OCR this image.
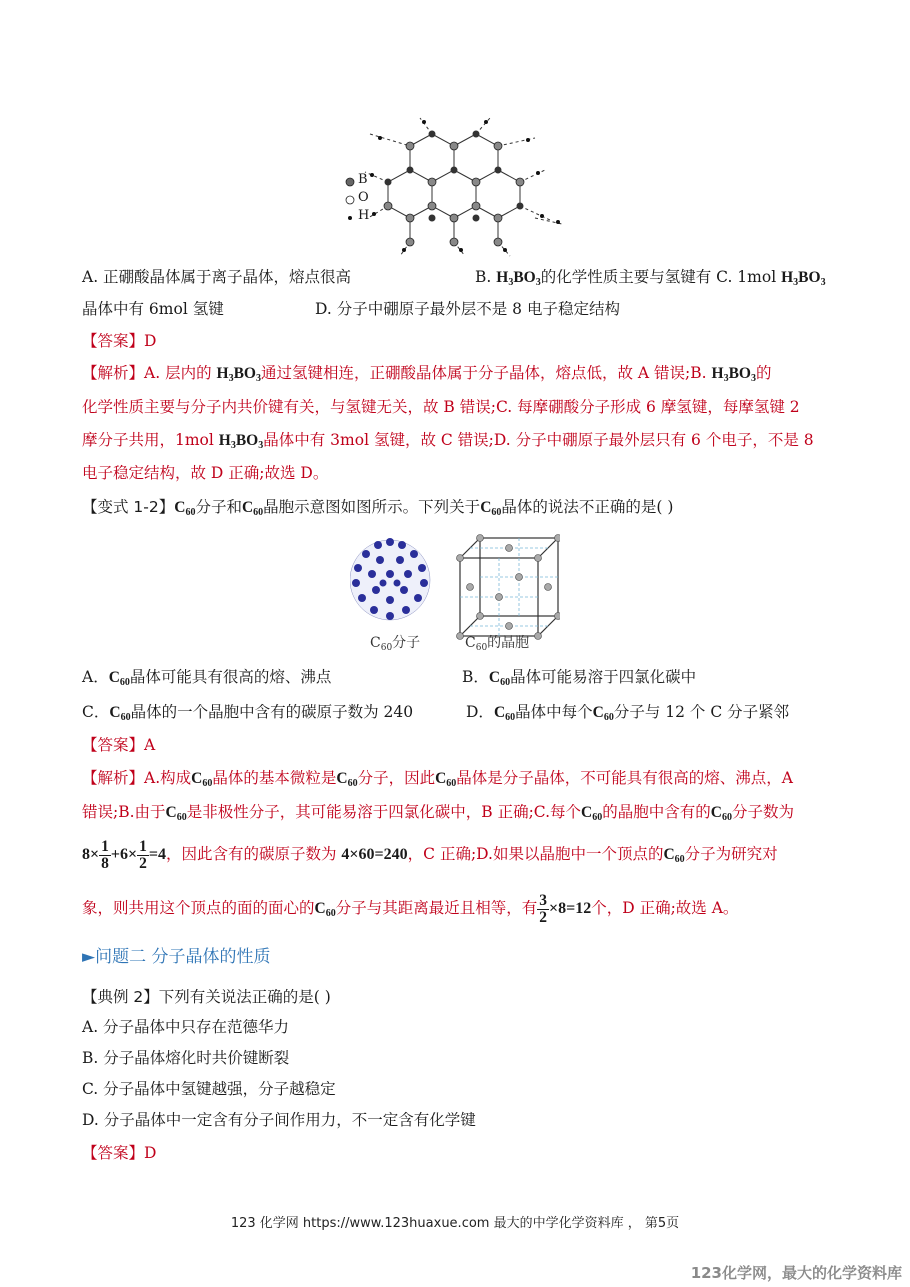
B
O
H
A. 正硼酸晶体属于离子晶体，熔点很高	B. $H_3BO_3$的化学性质主要与氢键有 C. 1mol $H_3BO_3$
晶体中有 6mol 氢键	D. 分子中硼原子最外层不是 8 电子稳定结构
【答案】D
【解析】A. 层内的 $H_3BO_3$通过氢键相连，正硼酸晶体属于分子晶体，熔点低，故 A 错误;B. $H_3BO_3$的
化学性质主要与分子内共价键有关，与氢键无关，故 B 错误;C. 每摩硼酸分子形成 6 摩氢键，每摩氢键 2
摩分子共用，1mol $H_3BO_3$晶体中有 3mol 氢键，故 C 错误;D. 分子中硼原子最外层只有 6 个电子，不是 8
电子稳定结构，故 D 正确;故选 D。
【变式 1-2】$C_{60}$分子和$C_{60}$晶胞示意图如图所示。下列关于$C_{60}$晶体的说法不正确的是( )
$C_{60}$分子	$C_{60}$的晶胞
A．$C_{60}$晶体可能具有很高的熔、沸点	B．$C_{60}$晶体可能易溶于四氯化碳中
C．$C_{60}$晶体的一个晶胞中含有的碳原子数为 240	D．$C_{60}$晶体中每个$C_{60}$分子与 12 个 C 分子紧邻
【答案】A
【解析】A.构成$C_{60}$晶体的基本微粒是$C_{60}$分子，因此$C_{60}$晶体是分子晶体，不可能具有很高的熔、沸点，A
错误;B.由于$C_{60}$是非极性分子，其可能易溶于四氯化碳中，B 正确;C.每个$C_{60}$的晶胞中含有的$C_{60}$分子数为
$8\times \frac{1}{8} +6\times \frac{1}{2} =4$，因此含有的碳原子数为 4×60=240，C 正确;D.如果以晶胞中一个顶点的$C_{60}$分子为研究对
象，则共用这个顶点的面的面心的$C_{60}$分子与其距离最近且相等，有 $\frac{3}{2} \times 8=12$个，D 正确;故选 A。
►问题二 分子晶体的性质
【典例 2】下列有关说法正确的是( )
A. 分子晶体中只存在范德华力
B. 分子晶体熔化时共价键断裂
C. 分子晶体中氢键越强，分子越稳定
D. 分子晶体中一定含有分子间作用力，不一定含有化学键
【答案】D
123 化学网 https://www.123huaxue.com 最大的中学化学资料库 ， 第5页
123化学网，最大的化学资料库
